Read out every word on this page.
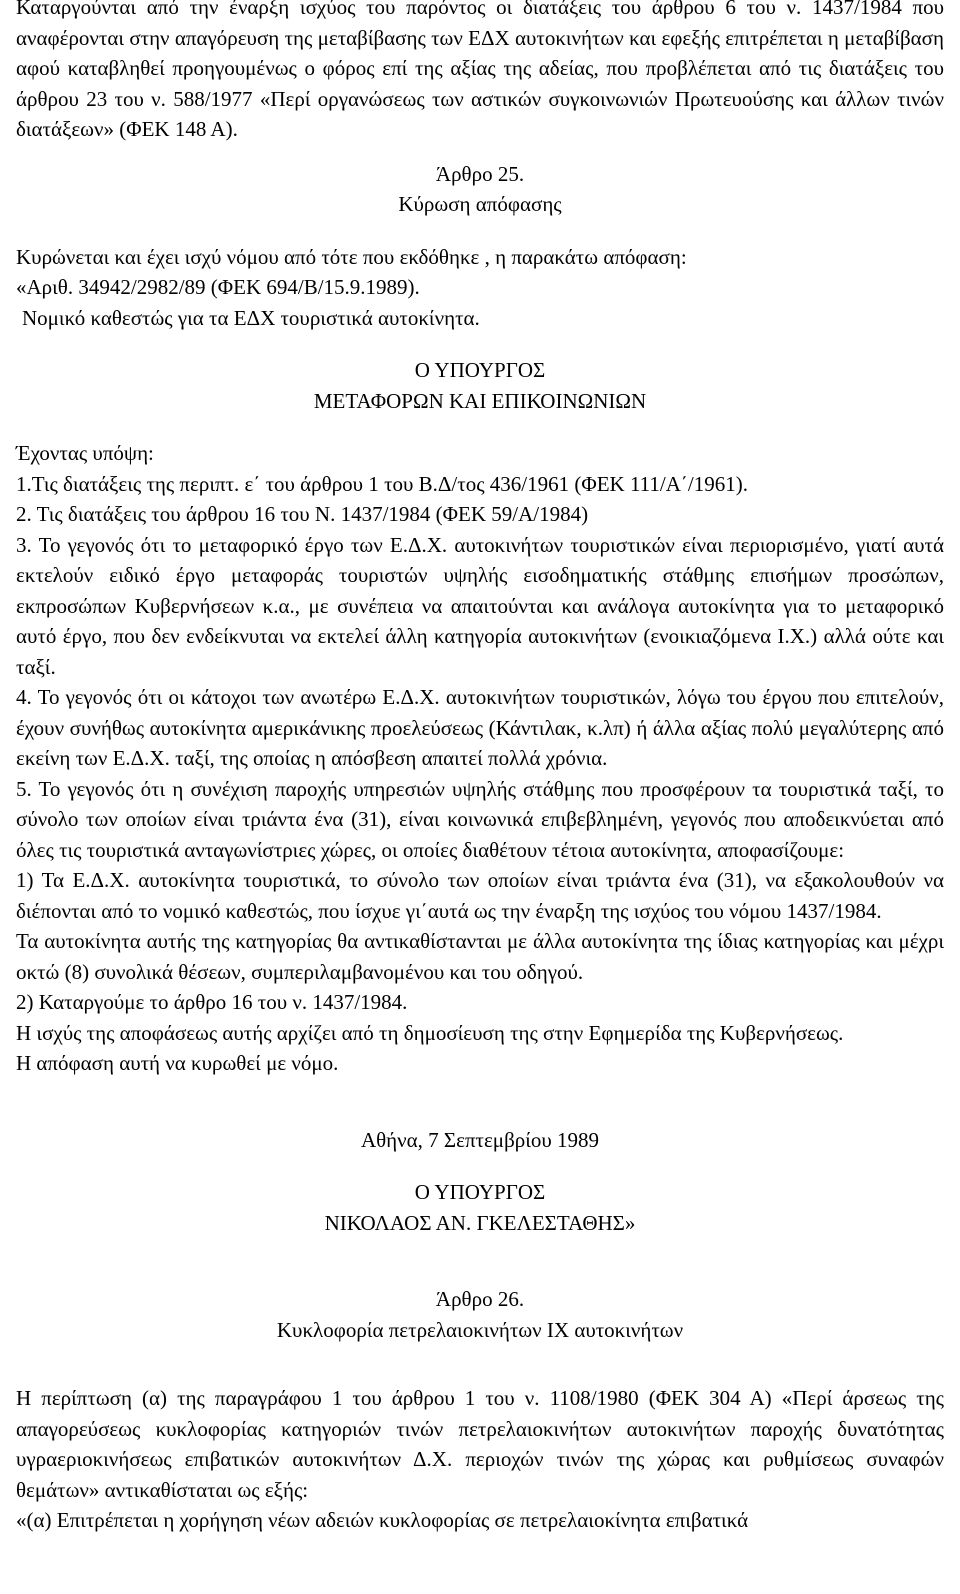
Καταργούνται από την έναρξη ισχύος του παρόντος οι διατάξεις του άρθρου 6 του ν. 1437/1984 που αναφέρονται στην απαγόρευση της μεταβίβασης των ΕΔΧ αυτοκινήτων και εφεξής επιτρέπεται η μεταβίβαση αφού καταβληθεί προηγουμένως ο φόρος επί της αξίας της αδείας, που προβλέπεται από τις διατάξεις του άρθρου 23 του ν. 588/1977 «Περί οργανώσεως των αστικών συγκοινωνιών Πρωτευούσης και άλλων τινών διατάξεων» (ΦΕΚ 148 Α).
Άρθρο 25.
Κύρωση απόφασης
Κυρώνεται και έχει ισχύ νόμου από τότε που εκδόθηκε , η παρακάτω απόφαση:
«Αριθ. 34942/2982/89 (ΦΕΚ 694/Β/15.9.1989).
Νομικό καθεστώς για τα ΕΔΧ τουριστικά αυτοκίνητα.
Ο ΥΠΟΥΡΓΟΣ
ΜΕΤΑΦΟΡΩΝ ΚΑΙ ΕΠΙΚΟΙΝΩΝΙΩΝ
Έχοντας υπόψη:
1.Τις διατάξεις της περιπτ. ε΄ του άρθρου 1 του Β.Δ/τος 436/1961 (ΦΕΚ 111/Α΄/1961).
2. Τις διατάξεις του άρθρου 16 του Ν. 1437/1984 (ΦΕΚ 59/Α/1984)
3. Το γεγονός ότι το μεταφορικό έργο των Ε.Δ.Χ. αυτοκινήτων τουριστικών είναι περιορισμένο, γιατί αυτά εκτελούν ειδικό έργο μεταφοράς τουριστών υψηλής εισοδηματικής στάθμης επισήμων προσώπων, εκπροσώπων Κυβερνήσεων κ.α., με συνέπεια να απαιτούνται και ανάλογα αυτοκίνητα για το μεταφορικό αυτό έργο, που δεν ενδείκνυται να εκτελεί άλλη κατηγορία αυτοκινήτων (ενοικιαζόμενα Ι.Χ.) αλλά ούτε και ταξί.
4. Το γεγονός ότι οι κάτοχοι των ανωτέρω Ε.Δ.Χ. αυτοκινήτων τουριστικών, λόγω του έργου που επιτελούν, έχουν συνήθως αυτοκίνητα αμερικάνικης προελεύσεως (Κάντιλακ, κ.λπ) ή άλλα αξίας πολύ μεγαλύτερης από εκείνη των Ε.Δ.Χ. ταξί, της οποίας η απόσβεση απαιτεί πολλά χρόνια.
5. Το γεγονός ότι η συνέχιση παροχής υπηρεσιών υψηλής στάθμης που προσφέρουν τα τουριστικά ταξί, το σύνολο των οποίων είναι τριάντα ένα (31), είναι κοινωνικά επιβεβλημένη, γεγονός που αποδεικνύεται από όλες τις τουριστικά ανταγωνίστριες χώρες, οι οποίες διαθέτουν τέτοια αυτοκίνητα, αποφασίζουμε:
1) Τα Ε.Δ.Χ. αυτοκίνητα τουριστικά, το σύνολο των οποίων είναι τριάντα ένα (31), να εξακολουθούν να διέπονται από το νομικό καθεστώς, που ίσχυε γι΄αυτά ως την έναρξη της ισχύος του νόμου 1437/1984.
Τα αυτοκίνητα αυτής της κατηγορίας θα αντικαθίστανται με άλλα αυτοκίνητα της ίδιας κατηγορίας και μέχρι οκτώ (8) συνολικά θέσεων, συμπεριλαμβανομένου και του οδηγού.
2) Καταργούμε το άρθρο 16 του ν. 1437/1984.
Η ισχύς της αποφάσεως αυτής αρχίζει από τη δημοσίευση της στην Εφημερίδα της Κυβερνήσεως.
Η απόφαση αυτή να κυρωθεί με νόμο.
Αθήνα, 7 Σεπτεμβρίου 1989
Ο ΥΠΟΥΡΓΟΣ
ΝΙΚΟΛΑΟΣ ΑΝ. ΓΚΕΛΕΣΤΑΘΗΣ»
Άρθρο 26.
Κυκλοφορία πετρελαιοκινήτων ΙΧ αυτοκινήτων
Η περίπτωση (α) της παραγράφου 1 του άρθρου 1 του ν. 1108/1980 (ΦΕΚ 304 Α) «Περί άρσεως της απαγορεύσεως κυκλοφορίας κατηγοριών τινών πετρελαιοκινήτων αυτοκινήτων παροχής δυνατότητας υγραεριοκινήσεως επιβατικών αυτοκινήτων Δ.Χ. περιοχών τινών της χώρας και ρυθμίσεως συναφών θεμάτων» αντικαθίσταται ως εξής:
«(α) Επιτρέπεται η χορήγηση νέων αδειών κυκλοφορίας σε πετρελαιοκίνητα επιβατικά
